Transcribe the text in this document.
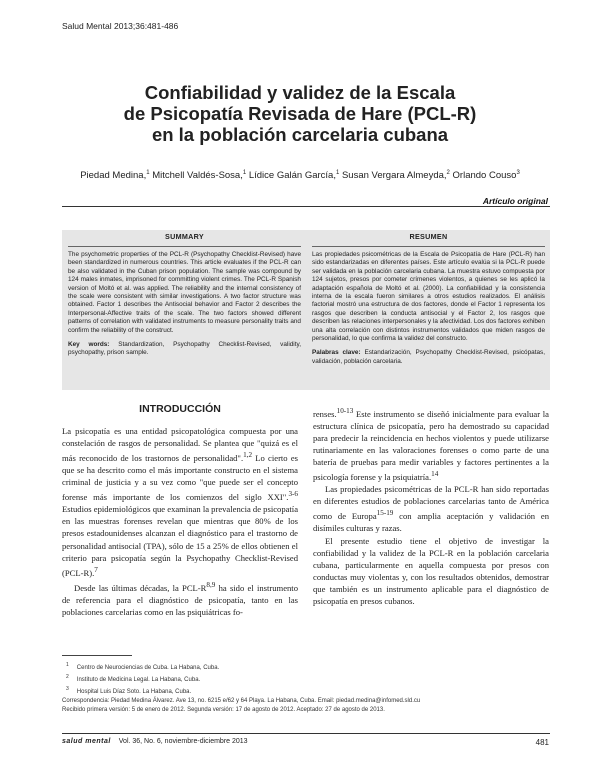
Salud Mental 2013;36:481-486
Confiabilidad y validez de la Escala
de Psicopatía Revisada de Hare (PCL-R)
en la población carcelaria cubana
Piedad Medina,$^1$ Mitchell Valdés-Sosa,$^1$ Lídice Galán García,$^1$ Susan Vergara Almeyda,$^2$ Orlando Couso$^3$
Artículo original
SUMMARY

The psychometric properties of the PCL-R (Psychopathy Checklist-Revised) have been standardized in numerous countries. This article evaluates if the PCL-R can be also validated in the Cuban prison population. The sample was compound by 124 males inmates, imprisoned for committing violent crimes. The PCL-R Spanish version of Moltó et al. was applied. The reliability and the internal consistency of the scale were consistent with similar investigations. A two factor structure was obtained. Factor 1 describes the Antisocial behavior and Factor 2 describes the Interpersonal-Affective traits of the scale. The two factors showed different patterns of correlation with validated instruments to measure personality traits and confirm the reliability of the construct.

Key words: Standardization, Psychopathy Checklist-Revised, validity, psychopathy, prison sample.

RESUMEN

Las propiedades psicométricas de la Escala de Psicopatía de Hare (PCL-R) han sido estandarizadas en diferentes países. Este artículo evalúa si la PCL-R puede ser validada en la población carcelaria cubana. La muestra estuvo compuesta por 124 sujetos, presos por cometer crímenes violentos, a quienes se les aplicó la adaptación española de Moltó et al. (2000). La confiabilidad y la consistencia interna de la escala fueron similares a otros estudios realizados. El análisis factorial mostró una estructura de dos factores, donde el Factor 1 representa los rasgos que describen la conducta antisocial y el Factor 2, los rasgos que describen las relaciones interpersonales y la afectividad. Los dos factores exhiben una alta correlación con distintos instrumentos validados que miden rasgos de personalidad, lo que confirma la validez del constructo.

Palabras clave: Estandarización, Psychopathy Checklist-Revised, psicópatas, validación, población carcelaria.

INTRODUCCIÓN

La psicopatía es una entidad psicopatológica compuesta por una constelación de rasgos de personalidad. Se plantea que "quizá es el más reconocido de los trastornos de personalidad".$^{1,2}$ Lo cierto es que se ha descrito como el más importante constructo en el sistema criminal de justicia y a su vez como "que puede ser el concepto forense más importante de los comienzos del siglo XXI".$^{3-6}$ Estudios epidemiológicos que examinan la prevalencia de psicopatía en las muestras forenses revelan que mientras que 80% de los presos estadounidenses alcanzan el diagnóstico para el trastorno de personalidad antisocial (TPA), sólo de 15 a 25% de ellos obtienen el criterio para psicopatía según la Psychopathy Checklist-Revised (PCL-R).$^7$

Desde las últimas décadas, la PCL-$R^{8,9}$ ha sido el instrumento de referencia para el diagnóstico de psicopatía, tanto en las poblaciones carcelarias como en las psiquiátricas fo-

renses.$^{10-13}$ Este instrumento se diseñó inicialmente para evaluar la estructura clínica de psicopatía, pero ha demostrado su capacidad para predecir la reincidencia en hechos violentos y puede utilizarse rutinariamente en las valoraciones forenses o como parte de una batería de pruebas para medir variables y factores pertinentes a la psicología forense y la psiquiatría.$^{14}$

Las propiedades psicométricas de la PCL-R han sido reportadas en diferentes estudios de poblaciones carcelarias tanto de América como de Europa$^{15-19}$ con amplia aceptación y validación en disímiles culturas y razas.

El presente estudio tiene el objetivo de investigar la confiabilidad y la validez de la PCL-R en la población carcelaria cubana, particularmente en aquella compuesta por presos con conductas muy violentas y, con los resultados obtenidos, demostrar que también es un instrumento aplicable para el diagnóstico de psicopatía en presos cubanos.

$^1$ Centro de Neurociencias de Cuba. La Habana, Cuba.
$^2$ Instituto de Medicina Legal. La Habana, Cuba.
$^3$ Hospital Luis Díaz Soto. La Habana, Cuba.
Correspondencia: Piedad Medina Álvarez. Ave 13, no. 6215 e/62 y 64 Playa. La Habana, Cuba. Email: piedad.medina@infomed.sld.cu
Recibido primera versión: 5 de enero de 2012. Segunda versión: 17 de agosto de 2012. Aceptado: 27 de agosto de 2013.
salud mental Vol. 36, No. 6, noviembre-diciembre 2013	481
